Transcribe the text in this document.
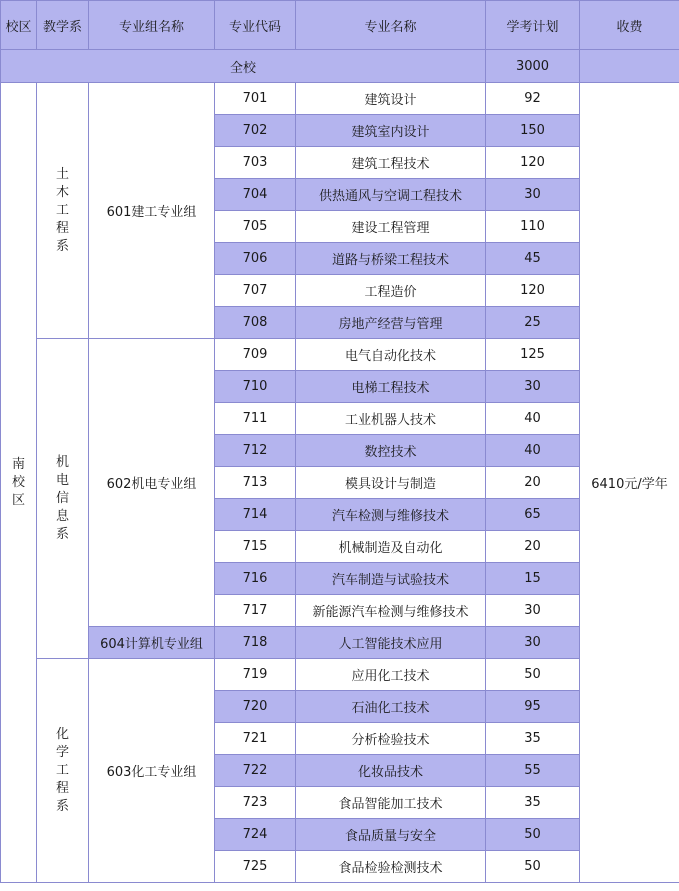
校区	教学系	专业组名称	专业代码	专业名称	学考计划	收费
全校					3000	
南校区	土木工程系	601建工专业组	701	建筑设计	92	6410元/学年
			702	建筑室内设计	150	
			703	建筑工程技术	120	
			704	供热通风与空调工程技术	30	
			705	建设工程管理	110	
			706	道路与桥梁工程技术	45	
			707	工程造价	120	
			708	房地产经营与管理	25	
	机电信息系	602机电专业组	709	电气自动化技术	125	
			710	电梯工程技术	30	
			711	工业机器人技术	40	
			712	数控技术	40	
			713	模具设计与制造	20	
			714	汽车检测与维修技术	65	
			715	机械制造及自动化	20	
			716	汽车制造与试验技术	15	
			717	新能源汽车检测与维修技术	30	
		604计算机专业组	718	人工智能技术应用	30	
	化学工程系	603化工专业组	719	应用化工技术	50	
			720	石油化工技术	95	
			721	分析检验技术	35	
			722	化妆品技术	55	
			723	食品智能加工技术	35	
			724	食品质量与安全	50	
			725	食品检验检测技术	50	
